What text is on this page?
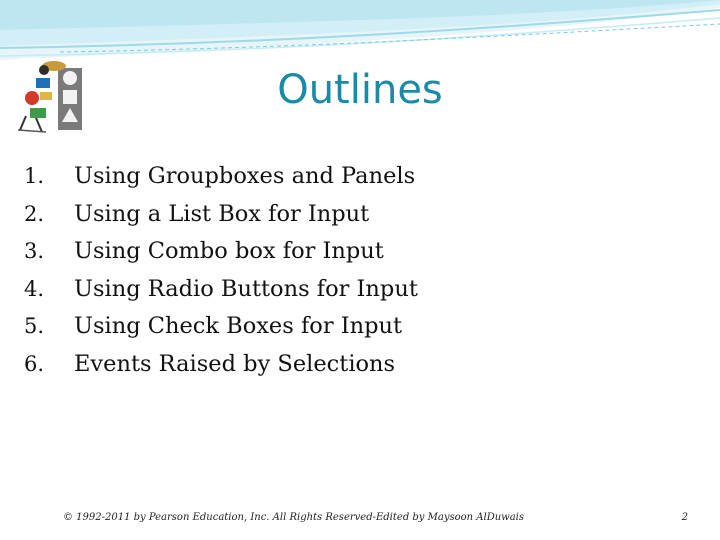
Outlines
1.	Using Groupboxes and Panels
2.	Using a List Box for Input
3.	Using Combo box for Input
4.	Using Radio Buttons for Input
5.	Using Check Boxes for Input
6.	Events Raised by Selections
© 1992-2011 by Pearson Education, Inc. All Rights Reserved-Edited by Maysoon AlDuwais	2
